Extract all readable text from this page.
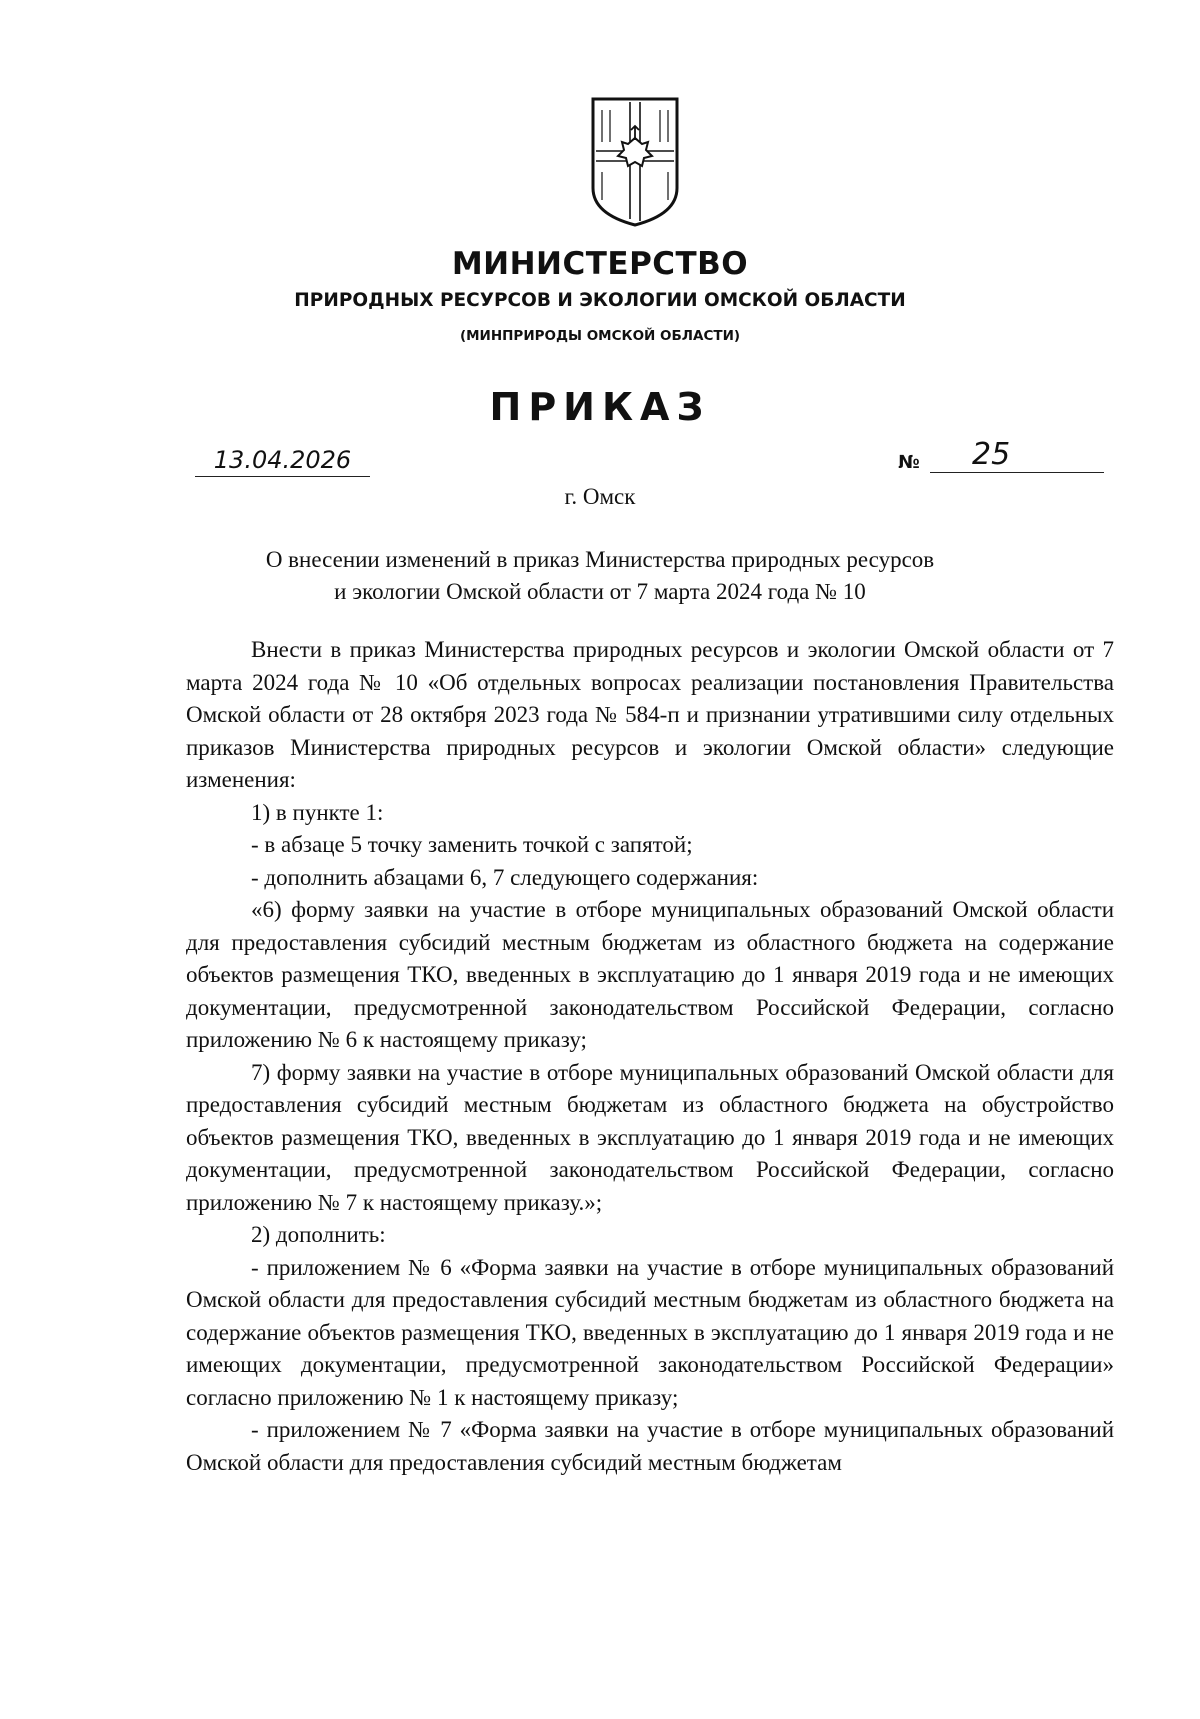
МИНИСТЕРСТВО
ПРИРОДНЫХ РЕСУРСОВ И ЭКОЛОГИИ ОМСКОЙ ОБЛАСТИ
(МИНПРИРОДЫ ОМСКОЙ ОБЛАСТИ)
ПРИКАЗ
13.04.2026	№	25
г. Омск
О внесении изменений в приказ Министерства природных ресурсов
и экологии Омской области от 7 марта 2024 года № 10

Внести в приказ Министерства природных ресурсов и экологии Омской области от 7 марта 2024 года № 10 «Об отдельных вопросах реализации постановления Правительства Омской области от 28 октября 2023 года № 584-п и признании утратившими силу отдельных приказов Министерства природных ресурсов и экологии Омской области» следующие изменения:

1) в пункте 1:

- в абзаце 5 точку заменить точкой с запятой;

- дополнить абзацами 6, 7 следующего содержания:

«6) форму заявки на участие в отборе муниципальных образований Омской области для предоставления субсидий местным бюджетам из областного бюджета на содержание объектов размещения ТКО, введенных в эксплуатацию до 1 января 2019 года и не имеющих документации, предусмотренной законодательством Российской Федерации, согласно приложению № 6 к настоящему приказу;

7) форму заявки на участие в отборе муниципальных образований Омской области для предоставления субсидий местным бюджетам из областного бюджета на обустройство объектов размещения ТКО, введенных в эксплуатацию до 1 января 2019 года и не имеющих документации, предусмотренной законодательством Российской Федерации, согласно приложению № 7 к настоящему приказу.»;

2) дополнить:

- приложением № 6 «Форма заявки на участие в отборе муниципальных образований Омской области для предоставления субсидий местным бюджетам из областного бюджета на содержание объектов размещения ТКО, введенных в эксплуатацию до 1 января 2019 года и не имеющих документации, предусмотренной законодательством Российской Федерации» согласно приложению № 1 к настоящему приказу;

- приложением № 7 «Форма заявки на участие в отборе муниципальных образований Омской области для предоставления субсидий местным бюджетам
